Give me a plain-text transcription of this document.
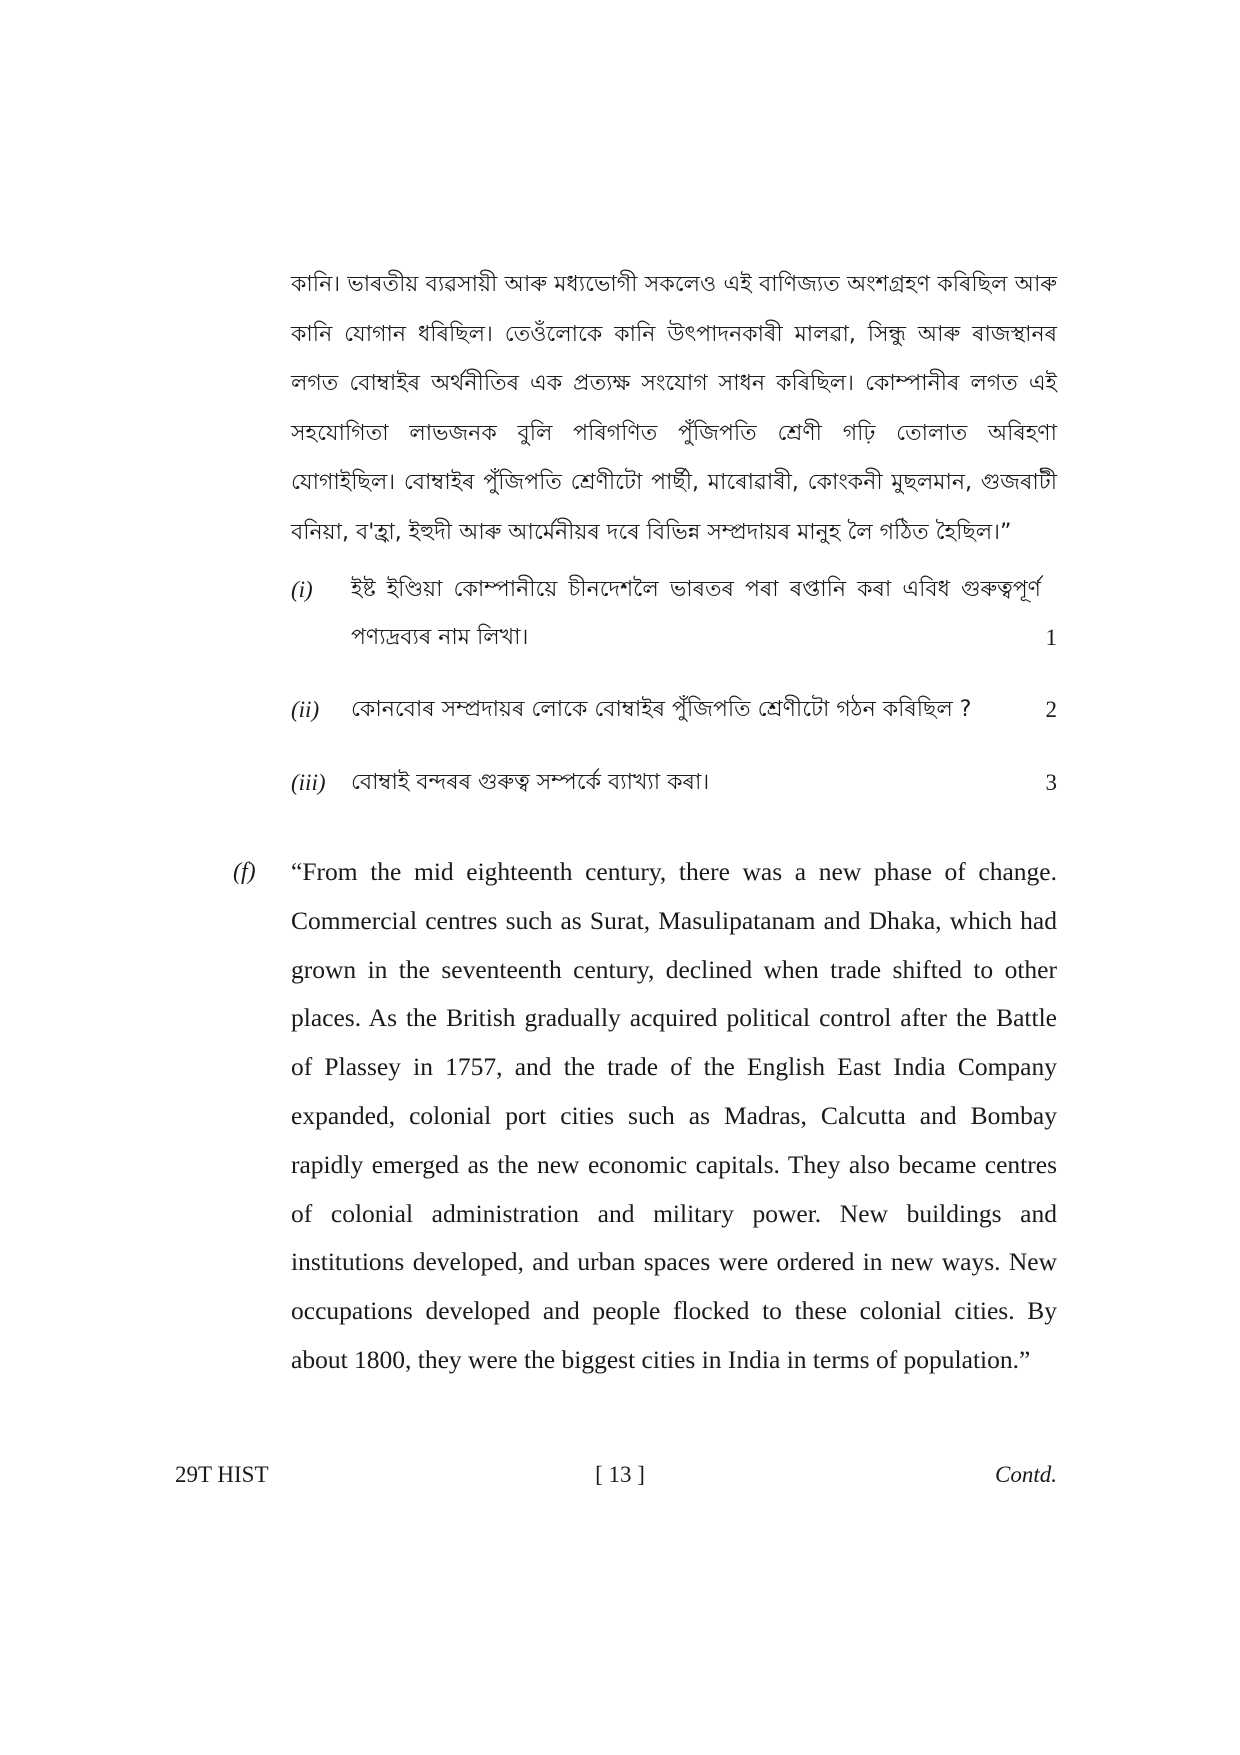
কানি। ভাৰতীয় ব্যৱসায়ী আৰু মধ্যভোগী সকলেও এই বাণিজ্যত অংশগ্ৰহণ কৰিছিল আৰু কানি যোগান ধৰিছিল। তেওঁলোকে কানি উৎপাদনকাৰী মালৱা, সিন্ধু আৰু ৰাজস্থানৰ লগত বোম্বাইৰ অৰ্থনীতিৰ এক প্ৰত্যক্ষ সংযোগ সাধন কৰিছিল। কোম্পানীৰ লগত এই সহযোগিতা লাভজনক বুলি পৰিগণিত পুঁজিপতি শ্ৰেণী গঢ়ি তোলাত অৰিহণা যোগাইছিল। বোম্বাইৰ পুঁজিপতি শ্ৰেণীটো পাৰ্ছী, মাৰোৱাৰী, কোংকনী মুছলমান, গুজৰাটী বনিয়া, ব'হ্ৰা, ইহুদী আৰু আৰ্মেনীয়ৰ দৰে বিভিন্ন সম্প্ৰদায়ৰ মানুহ লৈ গঠিত হৈছিল।”
(i) ইষ্ট ইণ্ডিয়া কোম্পানীয়ে চীনদেশলৈ ভাৰতৰ পৰা ৰপ্তানি কৰা এবিধ গুৰুত্বপূৰ্ণ পণ্যদ্ৰব্যৰ নাম লিখা।	1
(ii) কোনবোৰ সম্প্ৰদায়ৰ লোকে বোম্বাইৰ পুঁজিপতি শ্ৰেণীটো গঠন কৰিছিল ?	2
(iii) বোম্বাই বন্দৰৰ গুৰুত্ব সম্পৰ্কে ব্যাখ্যা কৰা।	3
(f) “From the mid eighteenth century, there was a new phase of change. Commercial centres such as Surat, Masulipatanam and Dhaka, which had grown in the seventeenth century, declined when trade shifted to other places. As the British gradually acquired political control after the Battle of Plassey in 1757, and the trade of the English East India Company expanded, colonial port cities such as Madras, Calcutta and Bombay rapidly emerged as the new economic capitals. They also became centres of colonial administration and military power. New buildings and institutions developed, and urban spaces were ordered in new ways. New occupations developed and people flocked to these colonial cities. By about 1800, they were the biggest cities in India in terms of population.”
29T HIST	[ 13 ]	Contd.
